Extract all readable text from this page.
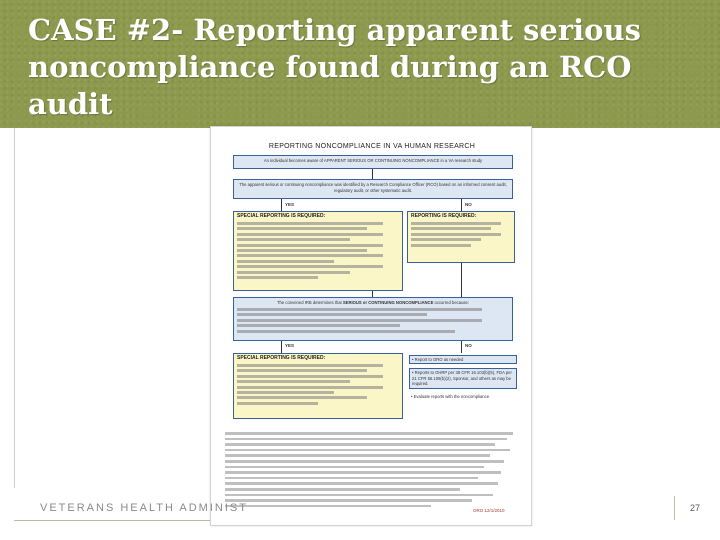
CASE #2- Reporting apparent serious noncompliance found during an RCO audit
REPORTING NONCOMPLIANCE IN VA HUMAN RESEARCH
An individual becomes aware of APPARENT SERIOUS OR CONTINUING NONCOMPLIANCE in a VA research study
The apparent serious or continuing noncompliance was identified by a Research Compliance Officer (RCO) based on an informed consent audit, regulatory audit, or other systematic audit.
YES	NO
SPECIAL REPORTING IS REQUIRED:	REPORTING IS REQUIRED:
The convened IRB determines that SERIOUS or CONTINUING NONCOMPLIANCE occurred because:
YES	NO
SPECIAL REPORTING IS REQUIRED:	• Report to ORO as needed
• Reports to OHRP per 38 CFR 16.103(b)(5), FDA per 21 CFR 56.108(b)(2), Sponsor, and others as may be required.
• Evaluate reports with the noncompliance.
ORO 12/1/2010
VETERANS HEALTH ADMINIST	27
